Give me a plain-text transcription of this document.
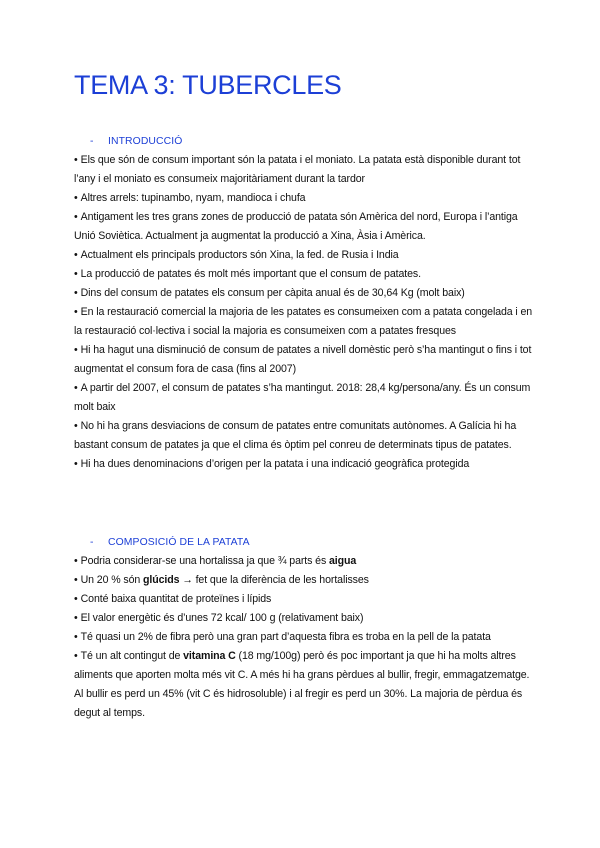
TEMA 3: TUBERCLES
- INTRODUCCIÓ

• Els que són de consum important són la patata i el moniato. La patata està disponible durant tot l’any i el moniato es consumeix majoritàriament durant la tardor

• Altres arrels: tupinambo, nyam, mandioca i chufa

• Antigament les tres grans zones de producció de patata són Amèrica del nord, Europa i l’antiga Unió Soviètica. Actualment ja augmentat la producció a Xina, Àsia i Amèrica.

• Actualment els principals productors són Xina, la fed. de Rusia i India

• La producció de patates és molt més important que el consum de patates.

• Dins del consum de patates els consum per càpita anual és de 30,64 Kg (molt baix)

• En la restauració comercial la majoria de les patates es consumeixen com a patata congelada i en la restauració col·lectiva i social la majoria es consumeixen com a patates fresques

• Hi ha hagut una disminució de consum de patates a nivell domèstic però s’ha mantingut o fins i tot augmentat el consum fora de casa (fins al 2007)

• A partir del 2007, el consum de patates s’ha mantingut. 2018: 28,4 kg/persona/any. És un consum molt baix

• No hi ha grans desviacions de consum de patates entre comunitats autònomes. A Galícia hi ha bastant consum de patates ja que el clima és òptim pel conreu de determinats tipus de patates.

• Hi ha dues denominacions d’origen per la patata i una indicació geogràfica protegida

- COMPOSICIÓ DE LA PATATA

• Podria considerar-se una hortalissa ja que ¾ parts és aigua

• Un 20 % són glúcids → fet que la diferència de les hortalisses

• Conté baixa quantitat de proteïnes i lípids

• El valor energètic és d’unes 72 kcal/ 100 g (relativament baix)

• Té quasi un 2% de fibra però una gran part d’aquesta fibra es troba en la pell de la patata

• Té un alt contingut de vitamina C (18 mg/100g) però és poc important ja que hi ha molts altres aliments que aporten molta més vit C. A més hi ha grans pèrdues al bullir, fregir, emmagatzematge. Al bullir es perd un 45% (vit C és hidrosoluble) i al fregir es perd un 30%. La majoria de pèrdua és degut al temps.
